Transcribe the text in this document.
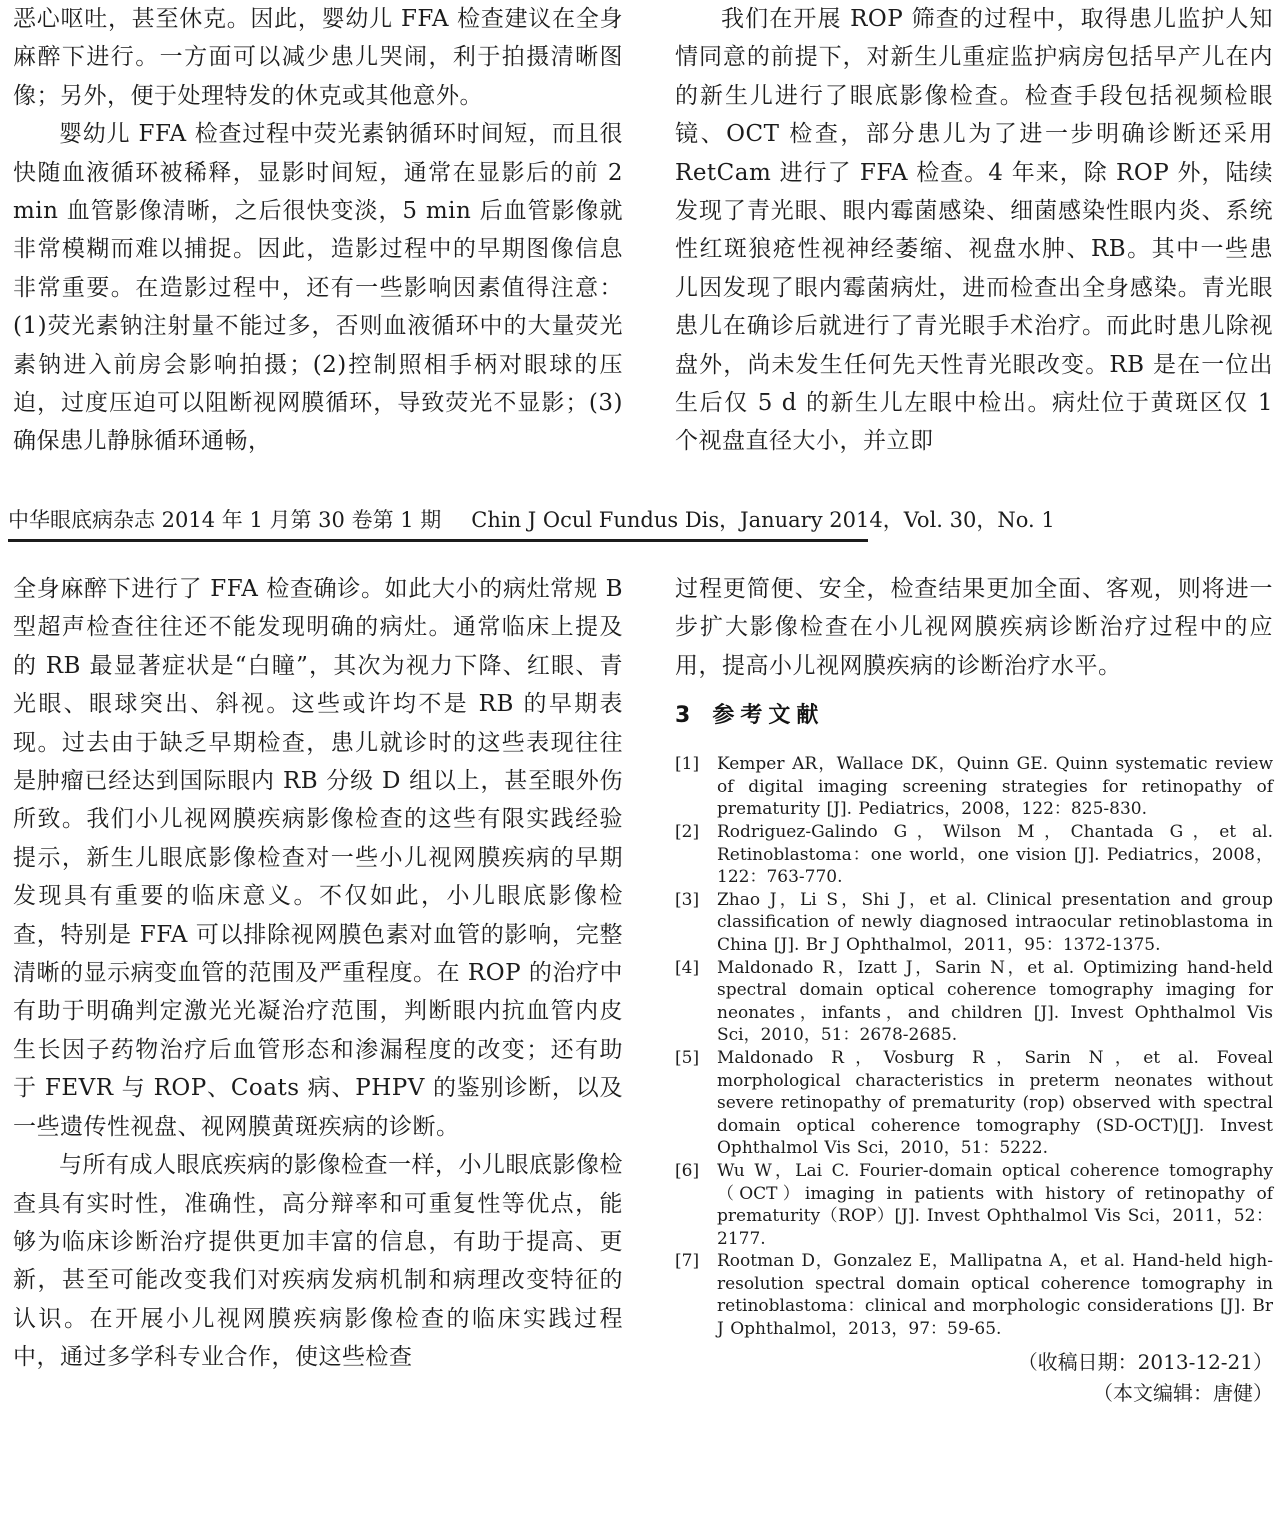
恶心呕吐，甚至休克。因此，婴幼儿 FFA 检查建议在全身麻醉下进行。一方面可以减少患儿哭闹，利于拍摄清晰图像；另外，便于处理特发的休克或其他意外。

婴幼儿 FFA 检查过程中荧光素钠循环时间短，而且很快随血液循环被稀释，显影时间短，通常在显影后的前 2 min 血管影像清晰，之后很快变淡，5 min 后血管影像就非常模糊而难以捕捉。因此，造影过程中的早期图像信息非常重要。在造影过程中，还有一些影响因素值得注意：(1)荧光素钠注射量不能过多，否则血液循环中的大量荧光素钠进入前房会影响拍摄；(2)控制照相手柄对眼球的压迫，过度压迫可以阻断视网膜循环，导致荧光不显影；(3)确保患儿静脉循环通畅，

我们在开展 ROP 筛查的过程中，取得患儿监护人知情同意的前提下，对新生儿重症监护病房包括早产儿在内的新生儿进行了眼底影像检查。检查手段包括视频检眼镜、OCT 检查，部分患儿为了进一步明确诊断还采用 RetCam 进行了 FFA 检查。4 年来，除 ROP 外，陆续发现了青光眼、眼内霉菌感染、细菌感染性眼内炎、系统性红斑狼疮性视神经萎缩、视盘水肿、RB。其中一些患儿因发现了眼内霉菌病灶，进而检查出全身感染。青光眼患儿在确诊后就进行了青光眼手术治疗。而此时患儿除视盘外，尚未发生任何先天性青光眼改变。RB 是在一位出生后仅 5 d 的新生儿左眼中检出。病灶位于黄斑区仅 1 个视盘直径大小，并立即

中华眼底病杂志 2014 年 1 月第 30 卷第 1 期 Chin J Ocul Fundus Dis，January 2014，Vol. 30，No. 1

全身麻醉下进行了 FFA 检查确诊。如此大小的病灶常规 B 型超声检查往往还不能发现明确的病灶。通常临床上提及的 RB 最显著症状是“白瞳”，其次为视力下降、红眼、青光眼、眼球突出、斜视。这些或许均不是 RB 的早期表现。过去由于缺乏早期检查，患儿就诊时的这些表现往往是肿瘤已经达到国际眼内 RB 分级 D 组以上，甚至眼外伤所致。我们小儿视网膜疾病影像检查的这些有限实践经验提示，新生儿眼底影像检查对一些小儿视网膜疾病的早期发现具有重要的临床意义。不仅如此，小儿眼底影像检查，特别是 FFA 可以排除视网膜色素对血管的影响，完整清晰的显示病变血管的范围及严重程度。在 ROP 的治疗中有助于明确判定激光光凝治疗范围，判断眼内抗血管内皮生长因子药物治疗后血管形态和渗漏程度的改变；还有助于 FEVR 与 ROP、Coats 病、PHPV 的鉴别诊断，以及一些遗传性视盘、视网膜黄斑疾病的诊断。

与所有成人眼底疾病的影像检查一样，小儿眼底影像检查具有实时性，准确性，高分辩率和可重复性等优点，能够为临床诊断治疗提供更加丰富的信息，有助于提高、更新，甚至可能改变我们对疾病发病机制和病理改变特征的认识。在开展小儿视网膜疾病影像检查的临床实践过程中，通过多学科专业合作，使这些检查

过程更简便、安全，检查结果更加全面、客观，则将进一步扩大影像检查在小儿视网膜疾病诊断治疗过程中的应用，提高小儿视网膜疾病的诊断治疗水平。

3 参考文献
[1]	Kemper AR，Wallace DK，Quinn GE. Quinn systematic review of digital imaging screening strategies for retinopathy of prematurity [J]. Pediatrics，2008，122：825-830.
[2]	Rodriguez-Galindo G，Wilson M，Chantada G，et al. Retinoblastoma：one world，one vision [J]. Pediatrics，2008，122：763-770.
[3]	Zhao J，Li S，Shi J，et al. Clinical presentation and group classification of newly diagnosed intraocular retinoblastoma in China [J]. Br J Ophthalmol，2011，95：1372-1375.
[4]	Maldonado R，Izatt J，Sarin N，et al. Optimizing hand-held spectral domain optical coherence tomography imaging for neonates，infants，and children [J]. Invest Ophthalmol Vis Sci，2010，51：2678-2685.
[5]	Maldonado R，Vosburg R，Sarin N，et al. Foveal morphological characteristics in preterm neonates without severe retinopathy of prematurity (rop) observed with spectral domain optical coherence tomography (SD-OCT)[J]. Invest Ophthalmol Vis Sci，2010，51：5222.
[6]	Wu W，Lai C. Fourier-domain optical coherence tomography（OCT）imaging in patients with history of retinopathy of prematurity（ROP）[J]. Invest Ophthalmol Vis Sci，2011，52：2177.
[7]	Rootman D，Gonzalez E，Mallipatna A，et al. Hand-held high-resolution spectral domain optical coherence tomography in retinoblastoma：clinical and morphologic considerations [J]. Br J Ophthalmol，2013，97：59-65.
（收稿日期：2013-12-21）
（本文编辑：唐健）
